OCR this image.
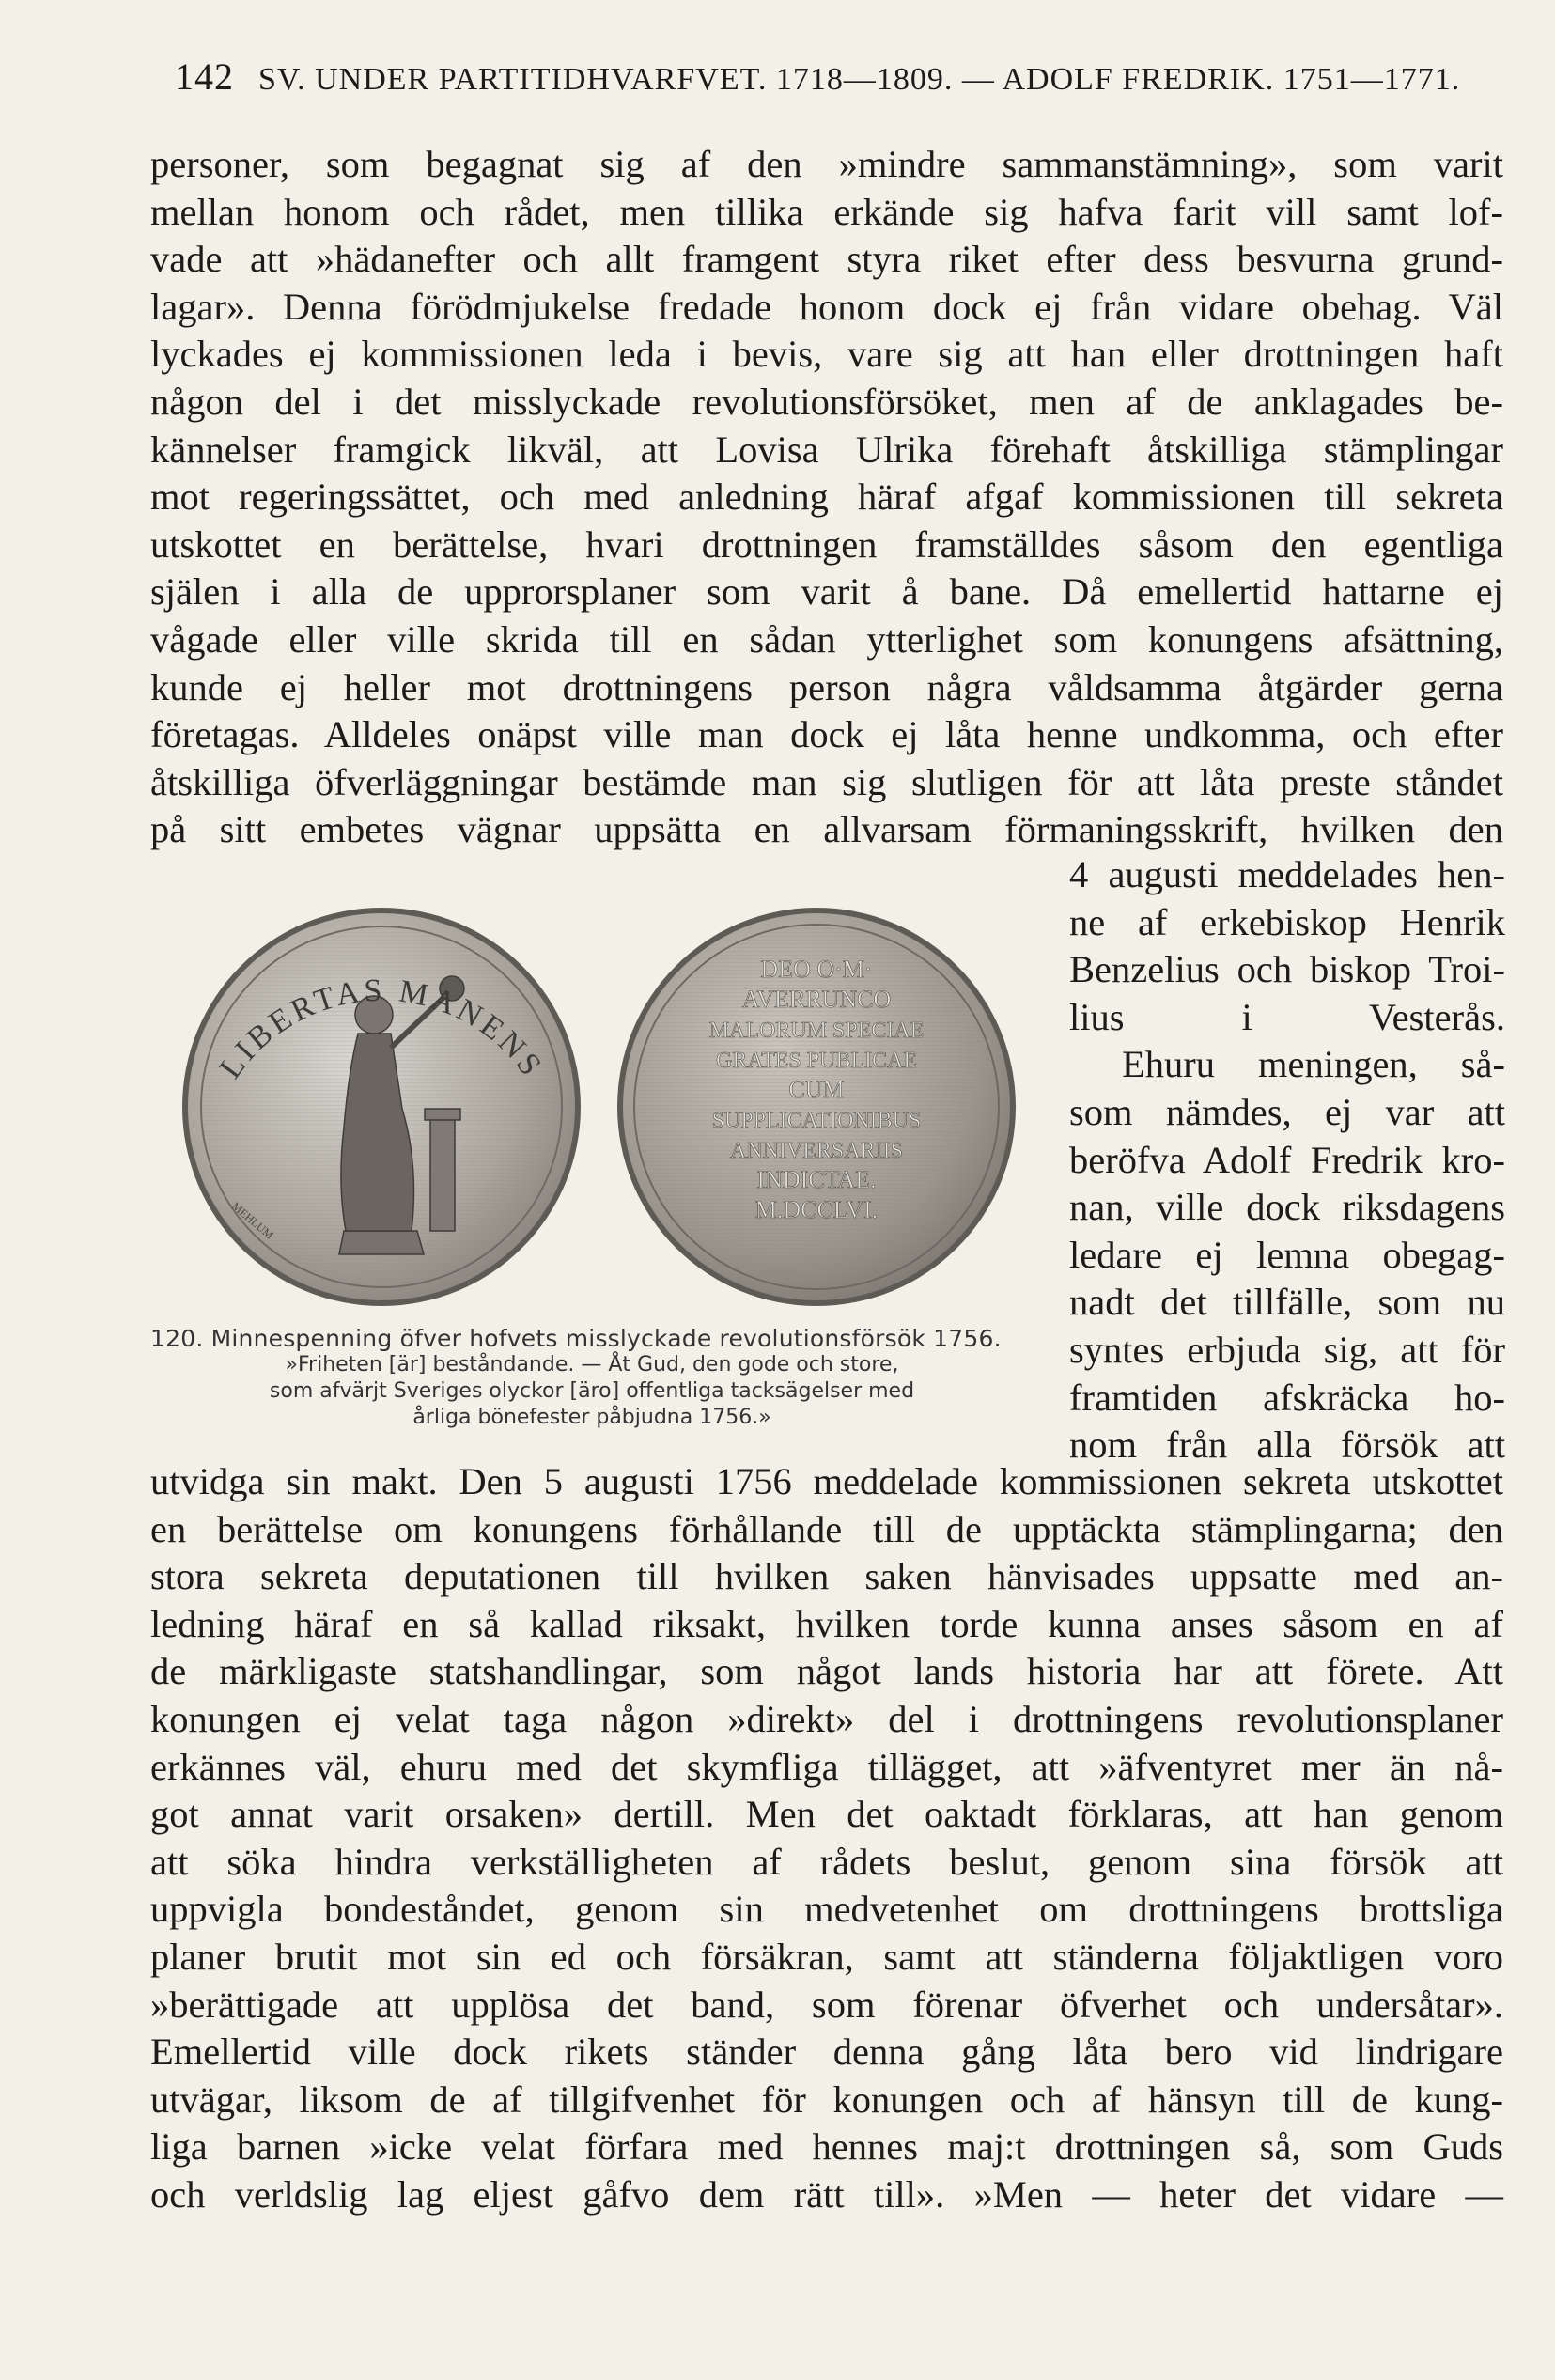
142 SV. UNDER PARTITIDHVARFVET. 1718—1809. — ADOLF FREDRIK. 1751—1771.
personer, som begagnat sig af den »mindre sammanstämning», som varit
mellan honom och rådet, men tillika erkände sig hafva farit vill samt lof-
vade att »hädanefter och allt framgent styra riket efter dess besvurna grund-
lagar». Denna förödmjukelse fredade honom dock ej från vidare obehag. Väl
lyckades ej kommissionen leda i bevis, vare sig att han eller drottningen haft
någon del i det misslyckade revolutionsförsöket, men af de anklagades be-
kännelser framgick likväl, att Lovisa Ulrika förehaft åtskilliga stämplingar
mot regeringssättet, och med anledning häraf afgaf kommissionen till sekreta
utskottet en berättelse, hvari drottningen framställdes såsom den egentliga
själen i alla de upprorsplaner som varit å bane. Då emellertid hattarne ej
vågade eller ville skrida till en sådan ytterlighet som konungens afsättning,
kunde ej heller mot drottningens person några våldsamma åtgärder gerna
företagas. Alldeles onäpst ville man dock ej låta henne undkomma, och efter
åtskilliga öfverläggningar bestämde man sig slutligen för att låta preste ståndet
på sitt embetes vägnar uppsätta en allvarsam förmaningsskrift, hvilken den
LIBERTAS MANENS
MEHLUM
DEO O·M·
AVERRUNCO
MALORUM SPECIAE
GRATES PUBLICAE
CUM
SUPPLICATIONIBUS
ANNIVERSARIIS
INDICTAE.
M.DCCLVI.
4 augusti meddelades hen-
ne af erkebiskop Henrik
Benzelius och biskop Troi-
lius i Vesterås.
Ehuru meningen, så-
som nämdes, ej var att
beröfva Adolf Fredrik kro-
nan, ville dock riksdagens
ledare ej lemna obegag-
nadt det tillfälle, som nu
syntes erbjuda sig, att för
framtiden afskräcka ho-
nom från alla försök att
120. Minnespenning öfver hofvets misslyckade revolutionsförsök 1756.
»Friheten [är] beståndande. — Åt Gud, den gode och store,
som afvärjt Sveriges olyckor [äro] offentliga tacksägelser med
årliga bönefester påbjudna 1756.»
utvidga sin makt. Den 5 augusti 1756 meddelade kommissionen sekreta utskottet
en berättelse om konungens förhållande till de upptäckta stämplingarna; den
stora sekreta deputationen till hvilken saken hänvisades uppsatte med an-
ledning häraf en så kallad riksakt, hvilken torde kunna anses såsom en af
de märkligaste statshandlingar, som något lands historia har att förete. Att
konungen ej velat taga någon »direkt» del i drottningens revolutionsplaner
erkännes väl, ehuru med det skymfliga tillägget, att »äfventyret mer än nå-
got annat varit orsaken» dertill. Men det oaktadt förklaras, att han genom
att söka hindra verkställigheten af rådets beslut, genom sina försök att
uppvigla bondeståndet, genom sin medvetenhet om drottningens brottsliga
planer brutit mot sin ed och försäkran, samt att ständerna följaktligen voro
»berättigade att upplösa det band, som förenar öfverhet och undersåtar».
Emellertid ville dock rikets ständer denna gång låta bero vid lindrigare
utvägar, liksom de af tillgifvenhet för konungen och af hänsyn till de kung-
liga barnen »icke velat förfara med hennes maj:t drottningen så, som Guds
och verldslig lag eljest gåfvo dem rätt till». »Men — heter det vidare —
